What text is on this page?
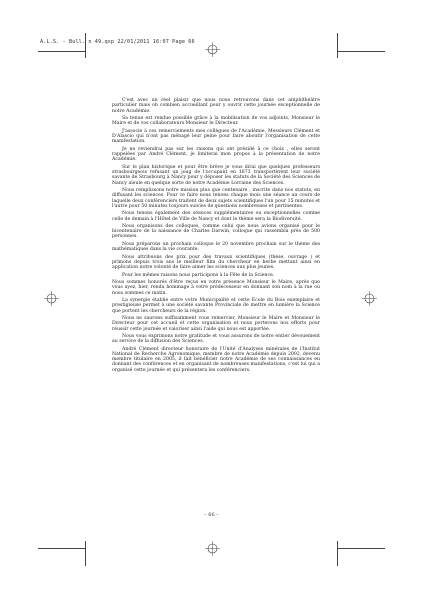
A.L.S. - Bull. n 49.qxp 22/01/2011 16:07 Page 66

C'est avec un réel plaisir que nous nous retrouvons dans cet amphithéâtre particulier mais oh combien accueillant pour y ouvrir cette journée exceptionnelle de notre Académie.

Sa tenue est rendue possible grâce à la mobilisation de vos adjoints, Monsieur le Maire et de vos collaborateurs Monsieur le Directeur.

J'associe à ces remerciements mes collègues de l'Académie, Messieurs Clément et D'Alascio qui n'ont pas ménagé leur peine pour faire aboutir l'organisation de cette manifestation.

Je ne reviendrai pas sur les raisons qui ont présidé à ce choix , elles seront rappelées par André Clément, je limiterai mon propos à la présentation de notre Académie.

Sur le plan historique et pour être brève je vous dirai que quelques professeurs strasbourgeois refusant un joug de l'occupant en 1873 transportèrent leur société savante de Strasbourg à Nancy pour y déposer les statuts de la Société des Sciences de Nancy aïeule en quelque sorte de notre Académie Lorraine des Sciences.

Nous remplissons notre mission plus que centenaire , inscrite dans nos statuts, en diffusant les sciences. Pour ce faire nous tenons chaque mois une séance au cours de laquelle deux conférenciers traitent de deux sujets scientifiques l'un pour 15 minutes et l'autre pour 50 minutes toujours suivies de questions nombreuses et pertinentes.

Nous tenons également des séances supplémentaires ou exceptionnelles comme celle de demain à l'Hôtel de Ville de Nancy et dont le thème sera la Biodiversité.

Nous organisons des colloques, comme celui que nous avions organisé pour le bicentenaire de la naissance de Charles Darwin, colloque qui rassembla près de 500 personnes.

Nous préparons un prochain colloque le 20 novembre prochain sur le thème des mathématiques dans la vie courante.

Nous attribuons des prix pour des travaux scientifiques (thèse, ouvrage ) et primons depuis trois ans le meilleur film du chercheur en herbe mettant ainsi en application notre volonté de faire aimer les sciences aux plus jeunes.

Pour les mêmes raisons nous participons à la Fête de la Science.

Nous sommes honorés d'être reçus en votre présence Monsieur le Maire, après que vous ayez, hier, rendu hommage à votre prédécesseur en donnant son nom à la rue où nous sommes ce matin.

La synergie établie entre votre Municipalité et cette Ecole du Bois exemplaire et prestigieuse permet à une société savante Provinciale de mettre en lumière la Science que portent les chercheurs de la région.

Nous ne saurons suffisamment vous remercier, Monsieur le Maire et Monsieur le Directeur pour cet accueil et cette organisation et nous porterons nos efforts pour réussir cette journée et valoriser ainsi l'aide qui nous est apportée.

Nous vous exprimons notre gratitude et vous assurons de notre entier dévouement au service de la diffusion des Sciences.

André Clément directeur honoraire de l'Unité d'Analyses minérales de l'Institut National de Recherche Agronomique, membre de notre Académie depuis 2002, devenu membre titulaire en 2005, il fait bénéficier notre Académie de ses connaissances en donnant des conférences et en organisant de nombreuses manifestations, c'est lui qui a organisé cette journée et qui présentera les conférenciers.

– 66 –
